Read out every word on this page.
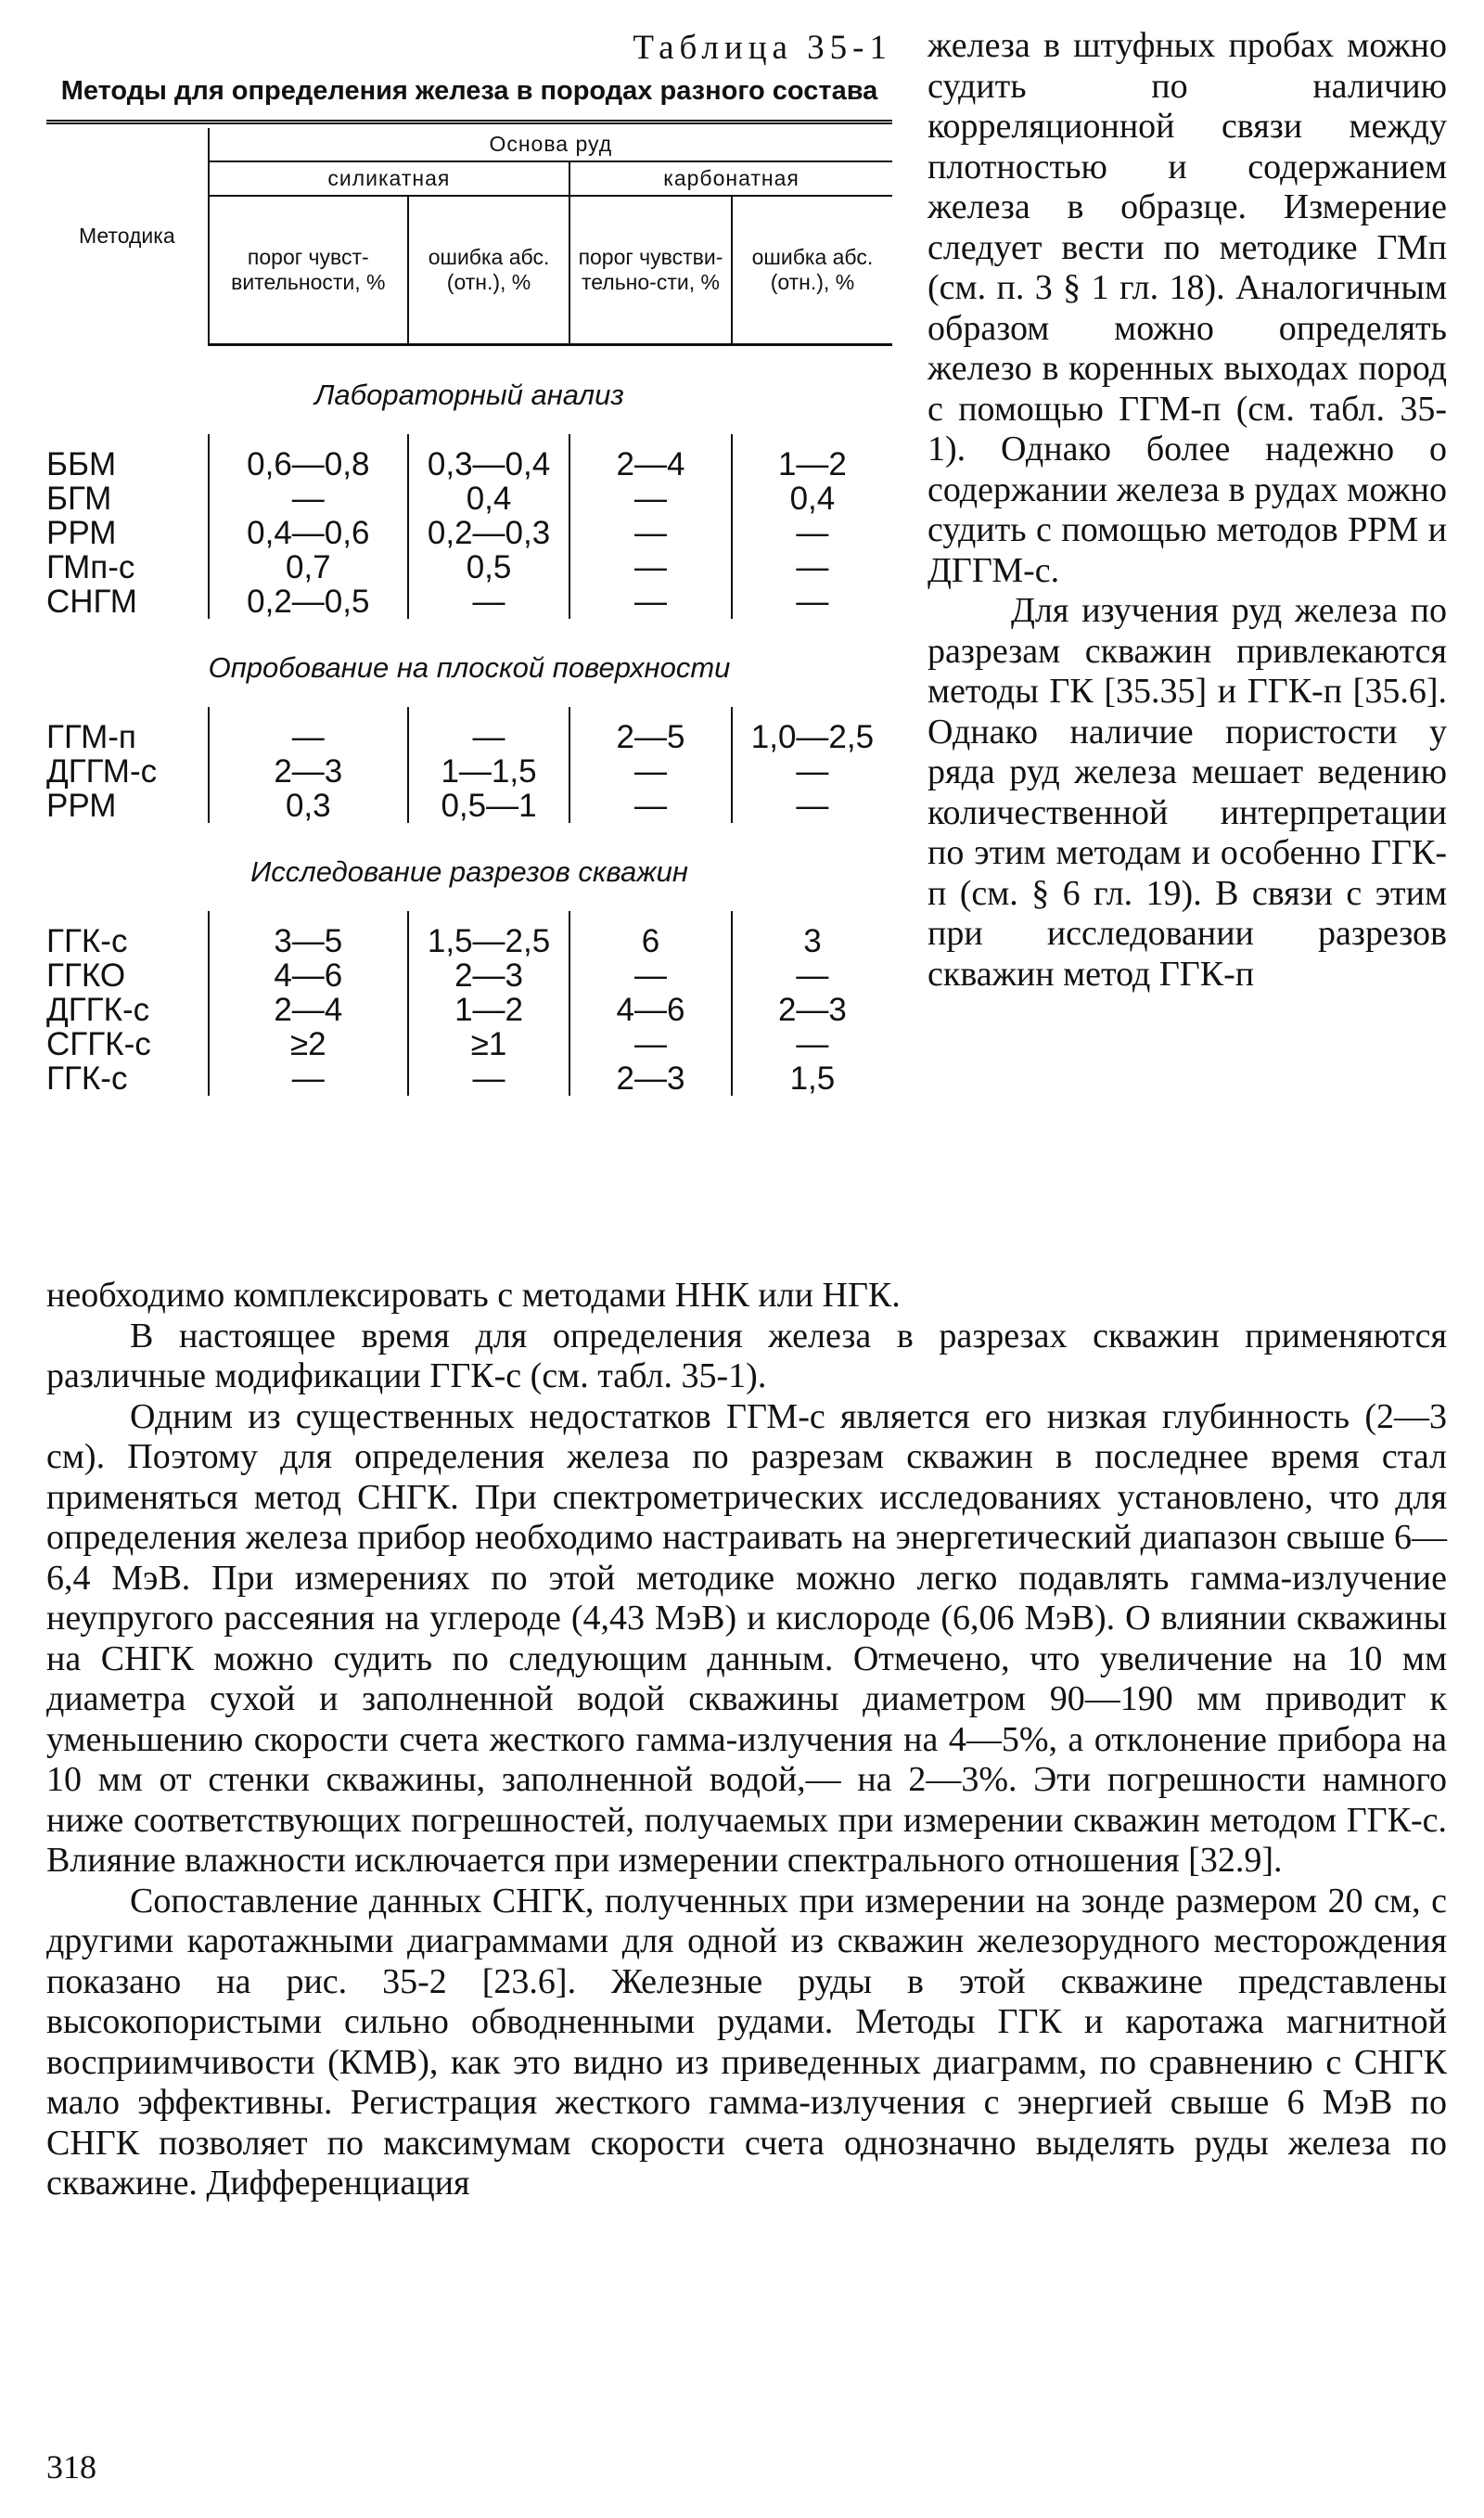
Таблица 35-1
Методы для определения железа в породах разного состава

Методика	Основа руд			
	силикатная		карбонатная	
	порог чувст-вительности, %	ошибка абс. (отн.), %	порог чувстви-тельно-сти, %	ошибка абс. (отн.), %
Лабораторный анализ				

ББМ	0,6—0,8	0,3—0,4	2—4	1—2
БГМ	—	0,4	—	0,4
РРМ	0,4—0,6	0,2—0,3	—	—
ГМп-с	0,7	0,5	—	—
СНГМ	0,2—0,5	—	—	—
Опробование на плоской поверхности				

ГГМ-п	—	—	2—5	1,0—2,5
ДГГМ-с	2—3	1—1,5	—	—
РРМ	0,3	0,5—1	—	—
Исследование разрезов скважин				

ГГК-с	3—5	1,5—2,5	6	3
ГГКО	4—6	2—3	—	—
ДГГК-с	2—4	1—2	4—6	2—3
СГГК-с	≥2	≥1	—	—
ГГК-с	—	—	2—3	1,5

железа в штуфных пробах можно судить по наличию корреляционной связи между плотностью и содержанием железа в образце. Измерение следует вести по методике ГМп (см. п. 3 § 1 гл. 18). Аналогичным образом можно определять железо в коренных выходах пород с помощью ГГМ-п (см. табл. 35-1). Однако более надежно о содержании железа в рудах можно судить с помощью методов РРМ и ДГГМ-с.

Для изучения руд железа по разрезам скважин привлекаются методы ГК [35.35] и ГГК-п [35.6]. Однако наличие пористости у ряда руд железа мешает ведению количественной интерпретации по этим методам и особенно ГГК-п (см. § 6 гл. 19). В связи с этим при исследовании разрезов скважин метод ГГК-п

необходимо комплексировать с методами ННК или НГК.

В настоящее время для определения железа в разрезах скважин применяются различные модификации ГГК-с (см. табл. 35-1).

Одним из существенных недостатков ГГМ-с является его низкая глубинность (2—3 см). Поэтому для определения железа по разрезам скважин в последнее время стал применяться метод СНГК. При спектрометрических исследованиях установлено, что для определения железа прибор необходимо настраивать на энергетический диапазон свыше 6—6,4 МэВ. При измерениях по этой методике можно легко подавлять гамма-излучение неупругого рассеяния на углероде (4,43 МэВ) и кислороде (6,06 МэВ). О влиянии скважины на СНГК можно судить по следующим данным. Отмечено, что увеличение на 10 мм диаметра сухой и заполненной водой скважины диаметром 90—190 мм приводит к уменьшению скорости счета жесткого гамма-излучения на 4—5%, а отклонение прибора на 10 мм от стенки скважины, заполненной водой,— на 2—3%. Эти погрешности намного ниже соответствующих погрешностей, получаемых при измерении скважин методом ГГК-с. Влияние влажности исключается при измерении спектрального отношения [32.9].

Сопоставление данных СНГК, полученных при измерении на зонде размером 20 см, с другими каротажными диаграммами для одной из скважин железорудного месторождения показано на рис. 35-2 [23.6]. Железные руды в этой скважине представлены высокопористыми сильно обводненными рудами. Методы ГГК и каротажа магнитной восприимчивости (КМВ), как это видно из приведенных диаграмм, по сравнению с СНГК мало эффективны. Регистрация жесткого гамма-излучения с энергией свыше 6 МэВ по СНГК позволяет по максимумам скорости счета однозначно выделять руды железа по скважине. Дифференциация

318
